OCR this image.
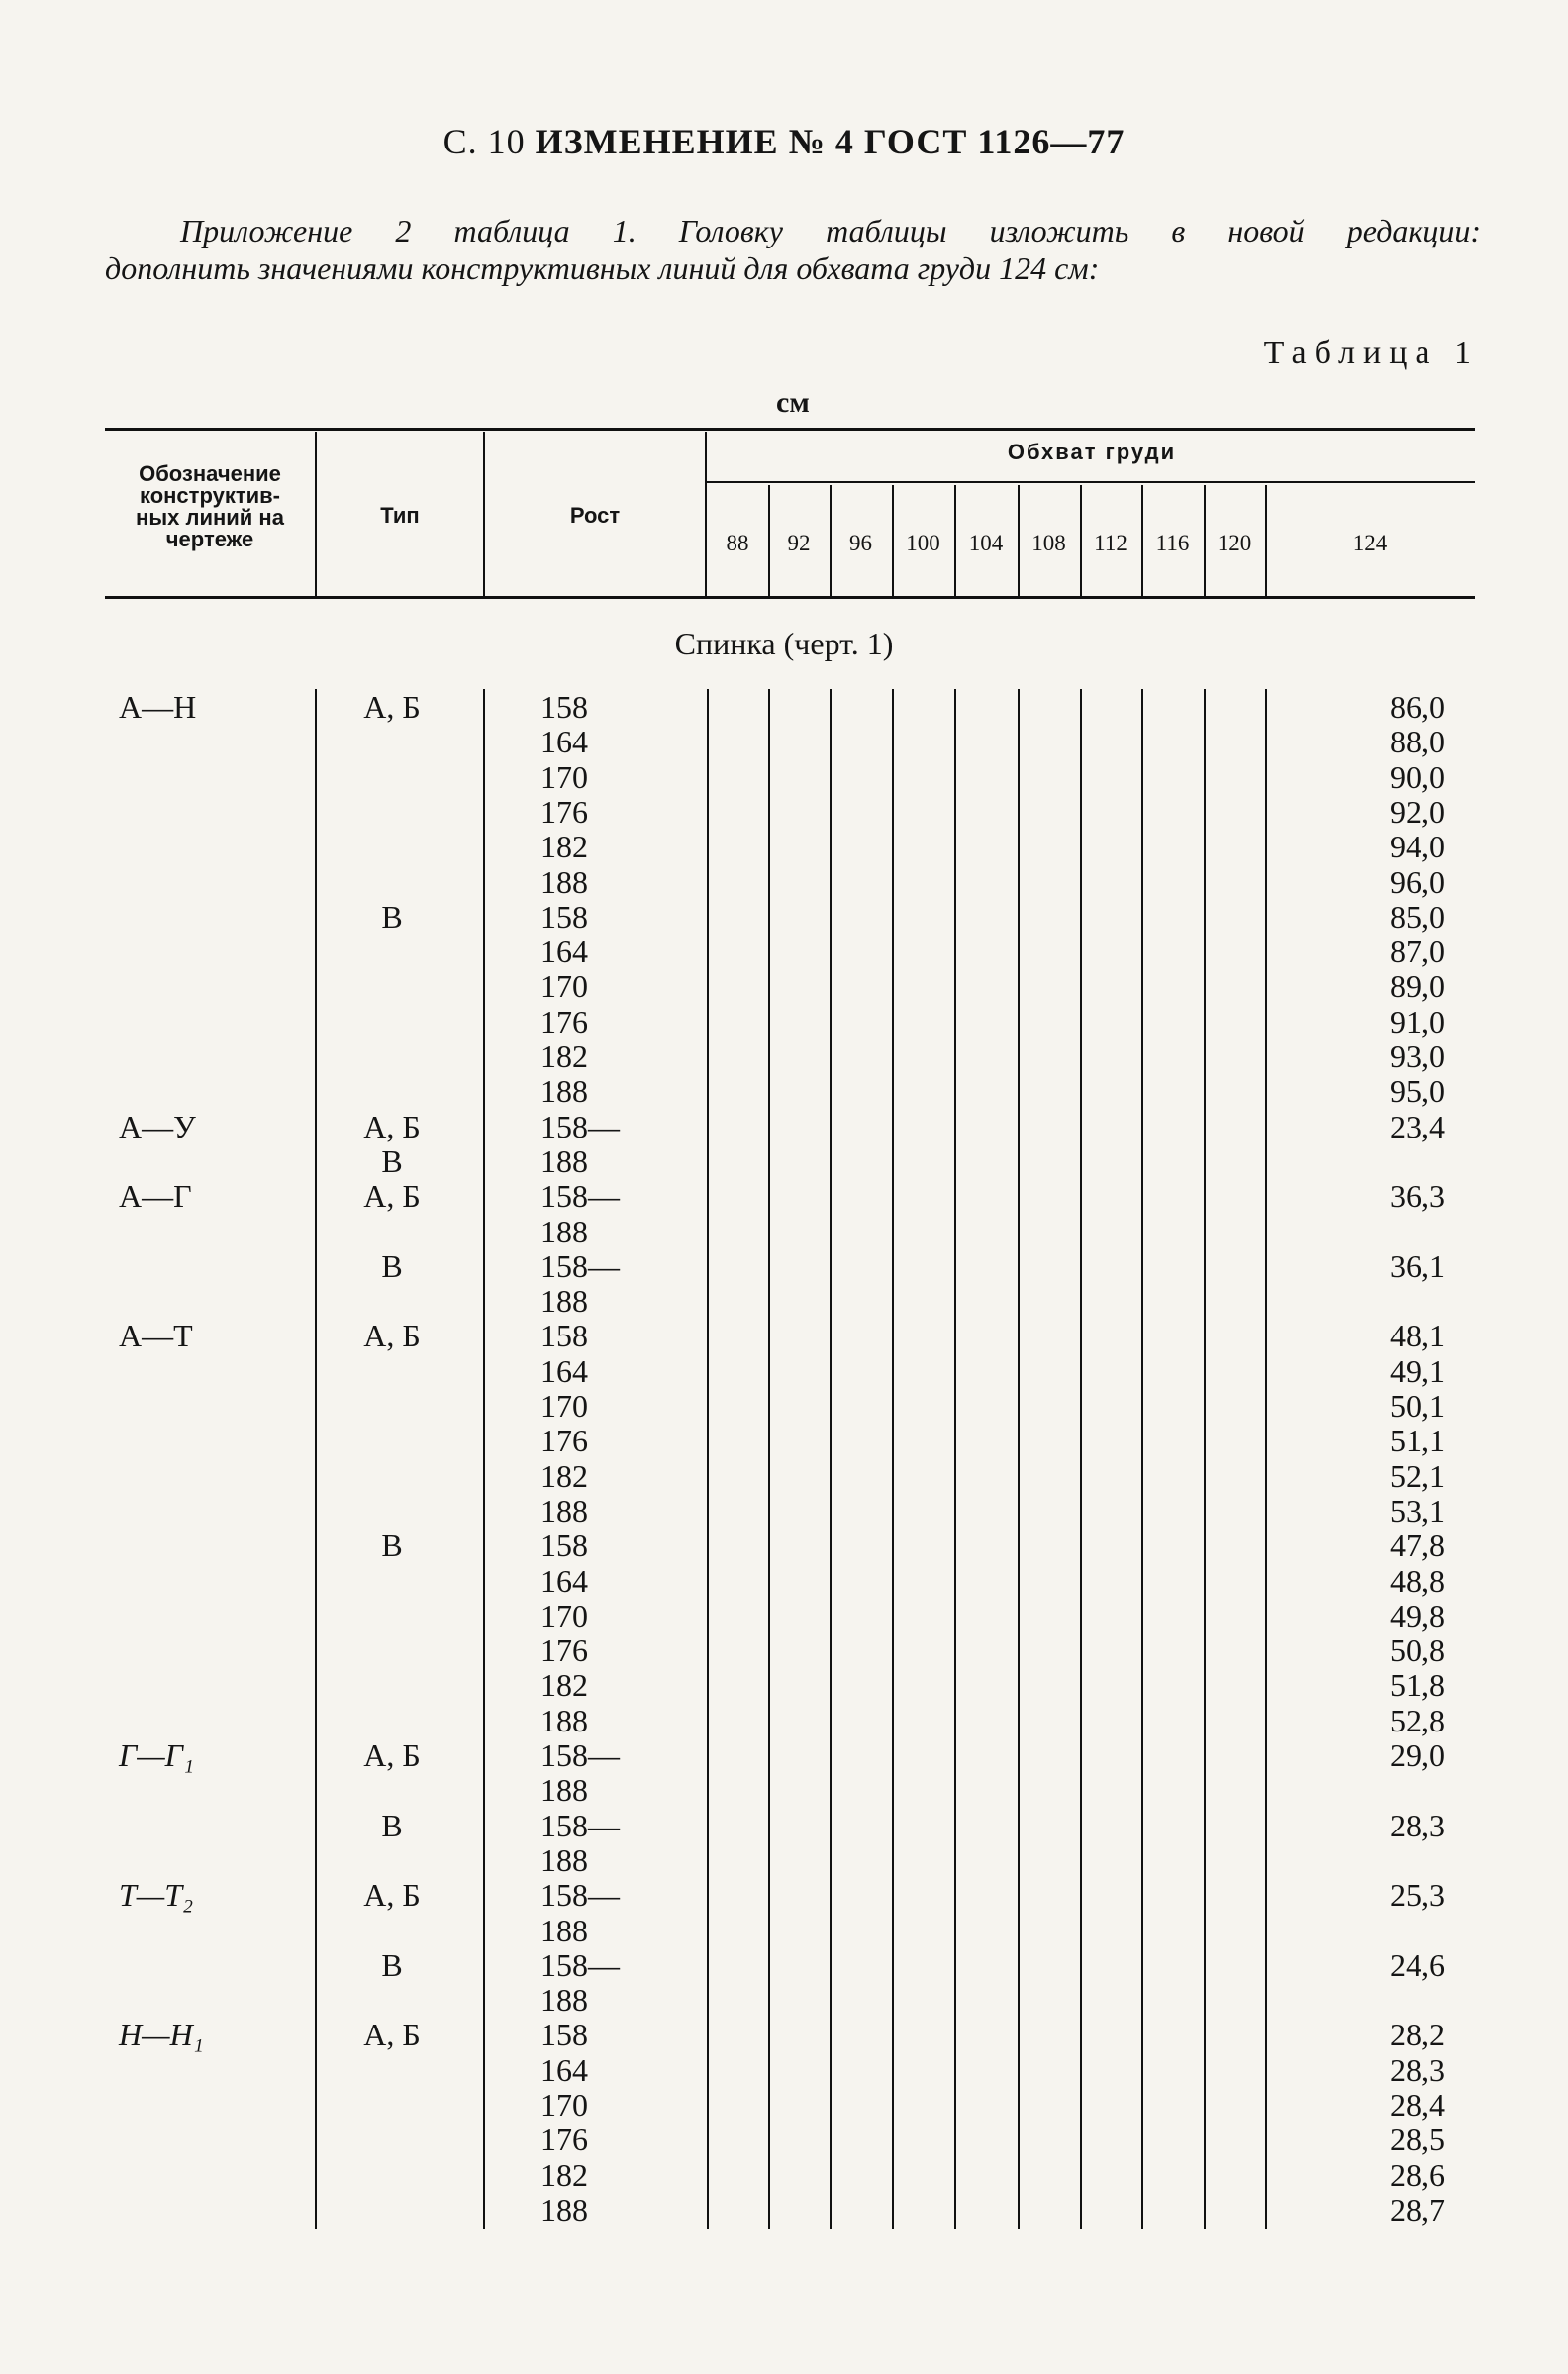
С. 10 ИЗМЕНЕНИЕ № 4 ГОСТ 1126—77
Приложение 2 таблица 1. Головку таблицы изложить в новой редакции:
дополнить значениями конструктивных линий для обхвата груди 124 см:
Таблица 1
см
Обозначение
конструктив-
ных линий на
чертеже
Тип	Рост
Обхват груди
88	92	96	100	104	108	112	116	120	124
Спинка (черт. 1)
А—Н	А, Б	158	86,0
164	88,0
170	90,0
176	92,0
182	94,0
188	96,0
В	158	85,0
164	87,0
170	89,0
176	91,0
182	93,0
188	95,0
А—У	А, Б	158—	23,4
В	188
А—Г	А, Б	158—	36,3
188
В	158—	36,1
188
А—Т	А, Б	158	48,1
164	49,1
170	50,1
176	51,1
182	52,1
188	53,1
В	158	47,8
164	48,8
170	49,8
176	50,8
182	51,8
188	52,8
Г—Г₁	А, Б	158—	29,0
188
В	158—	28,3
188
Т—Т₂	А, Б	158—	25,3
188
В	158—	24,6
188
Н—Н₁	А, Б	158	28,2
164	28,3
170	28,4
176	28,5
182	28,6
188	28,7
